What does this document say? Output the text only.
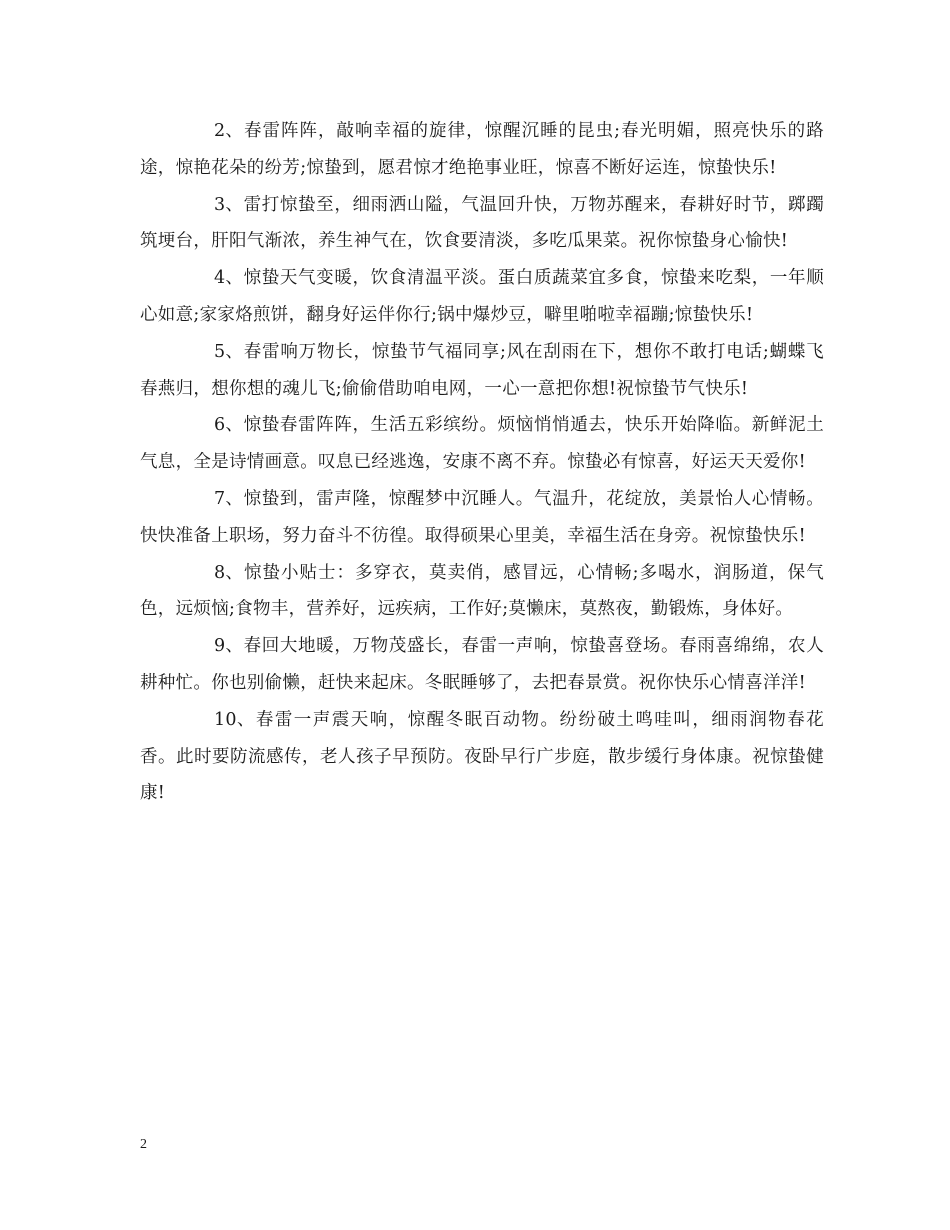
2、春雷阵阵，敲响幸福的旋律，惊醒沉睡的昆虫;春光明媚，照亮快乐的路途，惊艳花朵的纷芳;惊蛰到，愿君惊才绝艳事业旺，惊喜不断好运连，惊蛰快乐!

3、雷打惊蛰至，细雨洒山隘，气温回升快，万物苏醒来，春耕好时节，踯躅筑埂台，肝阳气渐浓，养生神气在，饮食要清淡，多吃瓜果菜。祝你惊蛰身心愉快!

4、惊蛰天气变暖，饮食清温平淡。蛋白质蔬菜宜多食，惊蛰来吃梨，一年顺心如意;家家烙煎饼，翻身好运伴你行;锅中爆炒豆，噼里啪啦幸福蹦;惊蛰快乐!

5、春雷响万物长，惊蛰节气福同享;风在刮雨在下，想你不敢打电话;蝴蝶飞春燕归，想你想的魂儿飞;偷偷借助咱电网，一心一意把你想!祝惊蛰节气快乐!

6、惊蛰春雷阵阵，生活五彩缤纷。烦恼悄悄遁去，快乐开始降临。新鲜泥土气息，全是诗情画意。叹息已经逃逸，安康不离不弃。惊蛰必有惊喜，好运天天爱你!

7、惊蛰到，雷声隆，惊醒梦中沉睡人。气温升，花绽放，美景怡人心情畅。快快准备上职场，努力奋斗不彷徨。取得硕果心里美，幸福生活在身旁。祝惊蛰快乐!

8、惊蛰小贴士：多穿衣，莫卖俏，感冒远，心情畅;多喝水，润肠道，保气色，远烦恼;食物丰，营养好，远疾病，工作好;莫懒床，莫熬夜，勤锻炼，身体好。

9、春回大地暖，万物茂盛长，春雷一声响，惊蛰喜登场。春雨喜绵绵，农人耕种忙。你也别偷懒，赶快来起床。冬眠睡够了，去把春景赏。祝你快乐心情喜洋洋!

10、春雷一声震天响，惊醒冬眠百动物。纷纷破土鸣哇叫，细雨润物春花香。此时要防流感传，老人孩子早预防。夜卧早行广步庭，散步缓行身体康。祝惊蛰健康!

2
